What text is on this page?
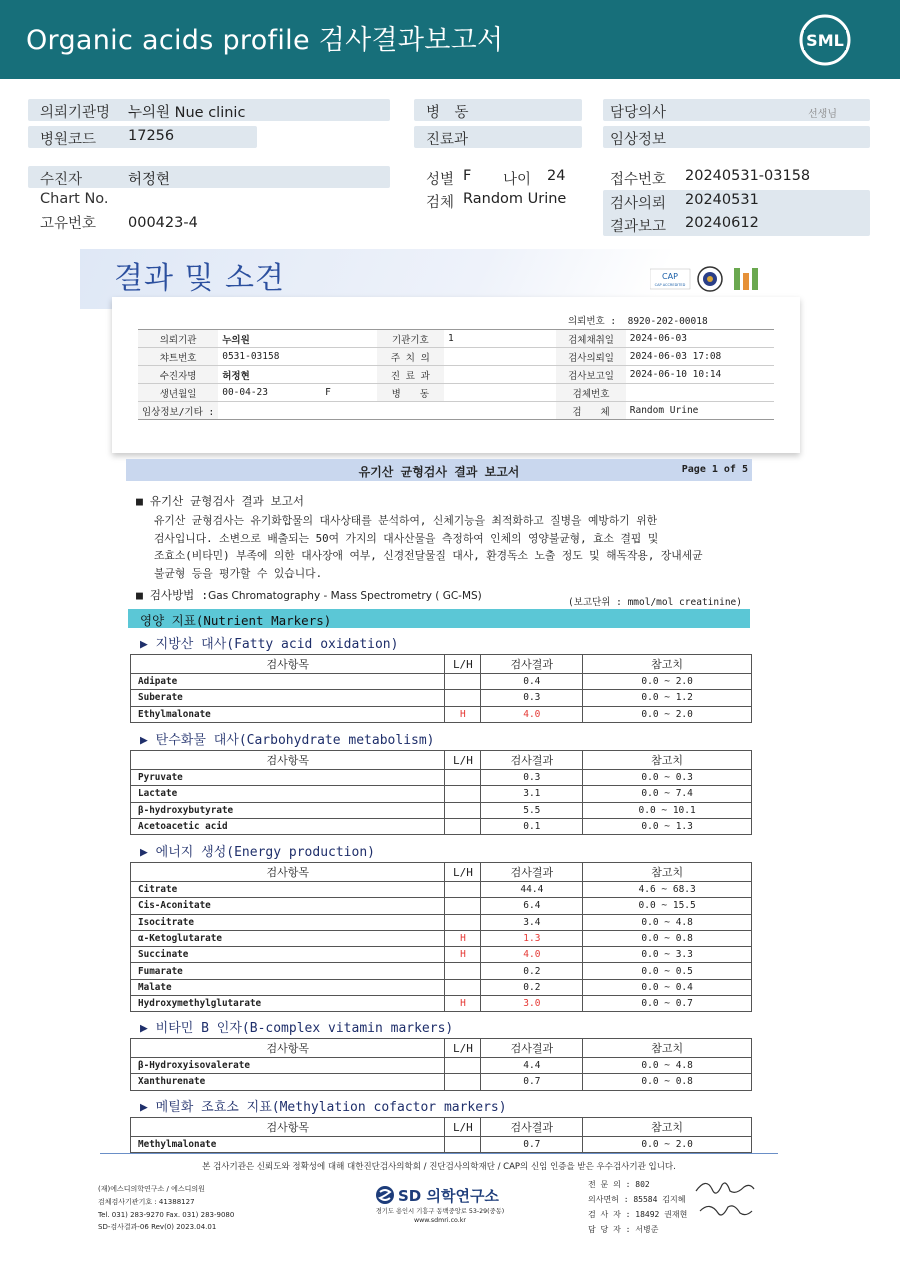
Organic acids profile 검사결과보고서	SML
의뢰기관명 누의원 Nue clinic
병원코드 17256
병　동
진료과
담당의사	선생님
임상정보
수진자	허정현
Chart No.
고유번호 000423-4
성별 F 나이 24
검체 Random Urine
접수번호 20240531-03158
검사의뢰 20240531
결과보고 20240612
결과 및 소견	CAP
CAP ACCREDITED
의뢰번호 : 8920-202-00018
의뢰기관	누의원	기관기호	1	검체채취일	2024-06-03
챠트번호	0531-03158	주 치 의		검사의뢰일	2024-06-03 17:08
수진자명	허정현	진 료 과		검사보고일	2024-06-10 10:14
생년월일	00-04-23          F	병　　동		검체번호	
임상정보/기타 :				검　　체	Random Urine
유기산 균형검사 결과 보고서	Page 1 of 5
■ 유기산 균형검사 결과 보고서
유기산 균형검사는 유기화합물의 대사상태를 분석하여, 신체기능을 최적화하고 질병을 예방하기 위한
검사입니다. 소변으로 배출되는 50여 가지의 대사산물을 측정하여 인체의 영양불균형, 효소 결핍 및
조효소(비타민) 부족에 의한 대사장애 여부, 신경전달물질 대사, 환경독소 노출 정도 및 해독작용, 장내세균
불균형 등을 평가할 수 있습니다.
■ 검사방법 :Gas Chromatography - Mass Spectrometry ( GC-MS)
(보고단위 : mmol/mol creatinine)
영양 지표(Nutrient Markers)
▶ 지방산 대사(Fatty acid oxidation)
검사항목	L/H	검사결과	참고치
Adipate		0.4	0.0 ~ 2.0
Suberate		0.3	0.0 ~ 1.2
Ethylmalonate	H	4.0	0.0 ~ 2.0
▶ 탄수화물 대사(Carbohydrate metabolism)
검사항목	L/H	검사결과	참고치
Pyruvate		0.3	0.0 ~ 0.3
Lactate		3.1	0.0 ~ 7.4
β-hydroxybutyrate		5.5	0.0 ~ 10.1
Acetoacetic acid		0.1	0.0 ~ 1.3
▶ 에너지 생성(Energy production)
검사항목	L/H	검사결과	참고치
Citrate		44.4	4.6 ~ 68.3
Cis-Aconitate		6.4	0.0 ~ 15.5
Isocitrate		3.4	0.0 ~ 4.8
α-Ketoglutarate	H	1.3	0.0 ~ 0.8
Succinate	H	4.0	0.0 ~ 3.3
Fumarate		0.2	0.0 ~ 0.5
Malate		0.2	0.0 ~ 0.4
Hydroxymethylglutarate	H	3.0	0.0 ~ 0.7
▶ 비타민 B 인자(B-complex vitamin markers)
검사항목	L/H	검사결과	참고치
β-Hydroxyisovalerate		4.4	0.0 ~ 4.8
Xanthurenate		0.7	0.0 ~ 0.8
▶ 메틸화 조효소 지표(Methylation cofactor markers)
검사항목	L/H	검사결과	참고치
Methylmalonate		0.7	0.0 ~ 2.0
본 검사기관은 신뢰도와 정확성에 대해 대한진단검사의학회 / 진단검사의학재단 / CAP의 신임 인증을 받은 우수검사기관 입니다.
(재)에스디의학연구소 / 에스디의원
검체검사기관기호 : 41388127
Tel. 031) 283-9270 Fax. 031) 283-9080
SD-검사결과-06 Rev(0) 2023.04.01
SD 의학연구소
경기도 용인시 기흥구 동백중앙로 53-29(중동)
www.sdmri.co.kr
전 문 의 : 802
의사면허 : 85584 김지혜
검 사 자 : 18492 권재현
담 당 자 : 서병준
